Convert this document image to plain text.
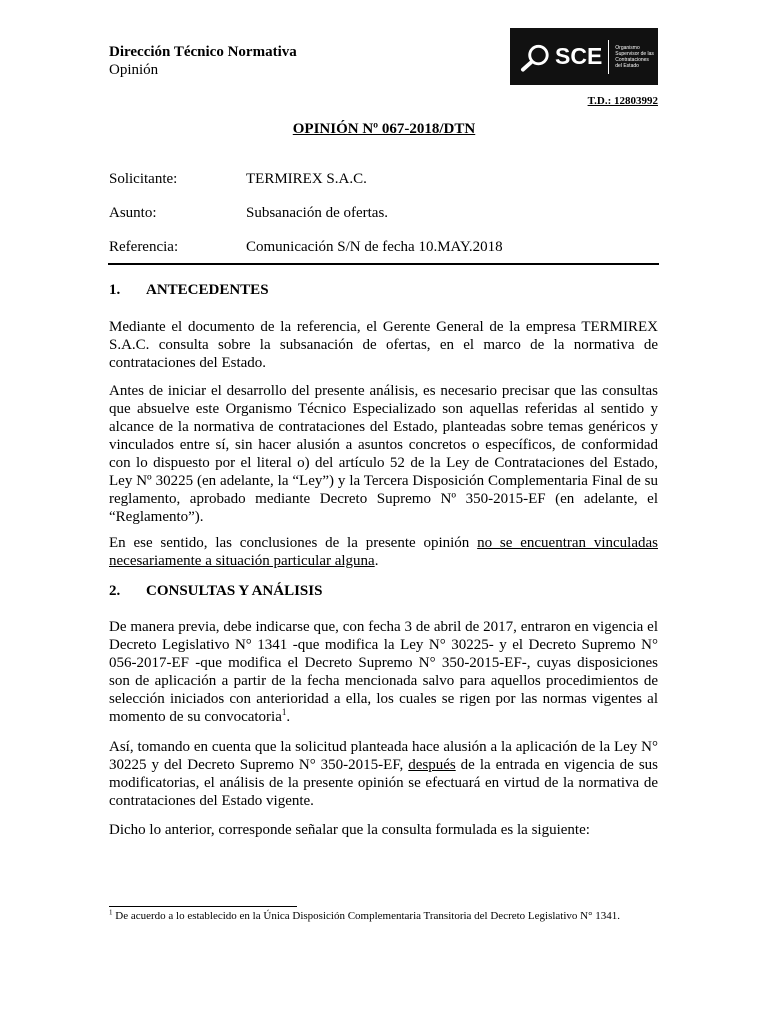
Dirección Técnico Normativa
Opinión
SCE	Organismo
Supervisor de las
Contrataciones
del Estado
T.D.: 12803992
OPINIÓN Nº 067-2018/DTN
Solicitante:	TERMIREX S.A.C.
Asunto:	Subsanación de ofertas.
Referencia:	Comunicación S/N de fecha 10.MAY.2018
1. ANTECEDENTES

Mediante el documento de la referencia, el Gerente General de la empresa TERMIREX S.A.C. consulta sobre la subsanación de ofertas, en el marco de la normativa de contrataciones del Estado.

Antes de iniciar el desarrollo del presente análisis, es necesario precisar que las consultas que absuelve este Organismo Técnico Especializado son aquellas referidas al sentido y alcance de la normativa de contrataciones del Estado, planteadas sobre temas genéricos y vinculados entre sí, sin hacer alusión a asuntos concretos o específicos, de conformidad con lo dispuesto por el literal o) del artículo 52 de la Ley de Contrataciones del Estado, Ley Nº 30225 (en adelante, la “Ley”) y la Tercera Disposición Complementaria Final de su reglamento, aprobado mediante Decreto Supremo Nº 350-2015-EF (en adelante, el “Reglamento”).

En ese sentido, las conclusiones de la presente opinión no se encuentran vinculadas necesariamente a situación particular alguna.

2. CONSULTAS Y ANÁLISIS

De manera previa, debe indicarse que, con fecha 3 de abril de 2017, entraron en vigencia el Decreto Legislativo N° 1341 -que modifica la Ley N° 30225- y el Decreto Supremo N° 056-2017-EF -que modifica el Decreto Supremo N° 350-2015-EF-, cuyas disposiciones son de aplicación a partir de la fecha mencionada salvo para aquellos procedimientos de selección iniciados con anterioridad a ella, los cuales se rigen por las normas vigentes al momento de su convocatoria$^1$.

Así, tomando en cuenta que la solicitud planteada hace alusión a la aplicación de la Ley N° 30225 y del Decreto Supremo N° 350-2015-EF, después de la entrada en vigencia de sus modificatorias, el análisis de la presente opinión se efectuará en virtud de la normativa de contrataciones del Estado vigente.

Dicho lo anterior, corresponde señalar que la consulta formulada es la siguiente:

$^1$ De acuerdo a lo establecido en la Única Disposición Complementaria Transitoria del Decreto Legislativo N° 1341.
